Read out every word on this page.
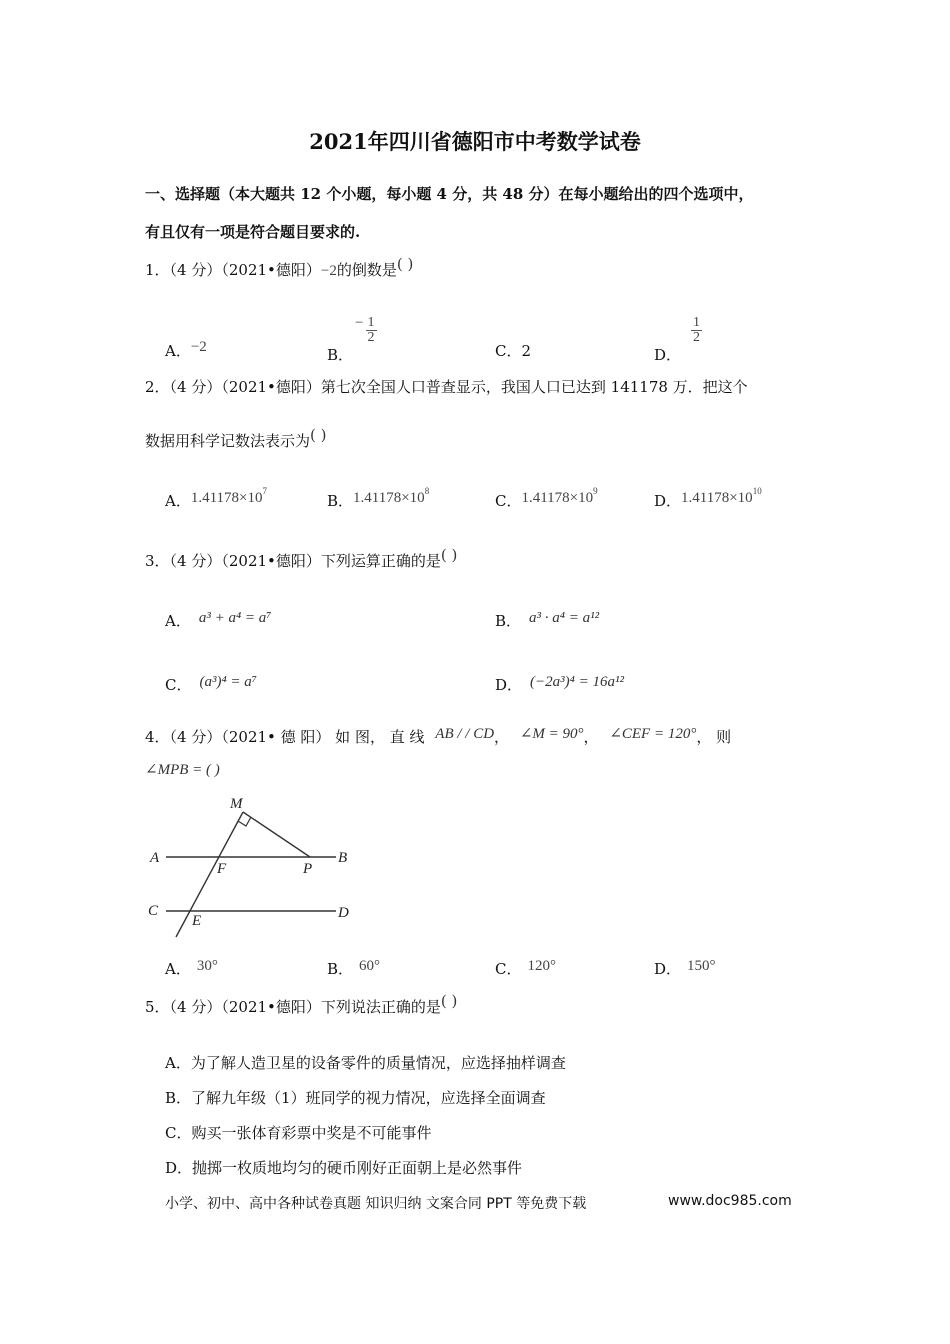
2021年四川省德阳市中考数学试卷
一、选择题（本大题共 12 个小题，每小题 4 分，共 48 分）在每小题给出的四个选项中，
有且仅有一项是符合题目要求的.
1．（4 分）（2021•德阳）−2的倒数是( )
A．−2	B．− $\frac{1}{2}$
C．2	D．
$\frac{1}{2}$
2．（4 分）（2021•德阳）第七次全国人口普查显示，我国人口已达到 141178 万．把这个
数据用科学记数法表示为( )
A．$1.41178\times 10^7$
B．$1.41178\times 10^8$
C．$1.41178\times 10^9$
D．$1.41178\times 10^{10}$
3．（4 分）（2021•德阳）下列运算正确的是( )
A． a³ + a⁴ = a⁷	B． a³ · a⁴ = a¹²
C． (a³)⁴ = a⁷	D． (−2a³)⁴ = 16a¹²
4．（4 分）（2021• 德 阳） 如 图， 直 线 AB / / CD， ∠M = 90°， ∠CEF = 120°， 则
∠MPB = ( )
M
A
F	P
B
C
E	D
A． 30°	B． 60°	C． 120°	D． 150°
5．（4 分）（2021•德阳）下列说法正确的是( )
A．为了解人造卫星的设备零件的质量情况，应选择抽样调查
B．了解九年级（1）班同学的视力情况，应选择全面调查
C．购买一张体育彩票中奖是不可能事件
D．抛掷一枚质地均匀的硬币刚好正面朝上是必然事件
小学、初中、高中各种试卷真题 知识归纳 文案合同 PPT 等免费下载	www.doc985.com
